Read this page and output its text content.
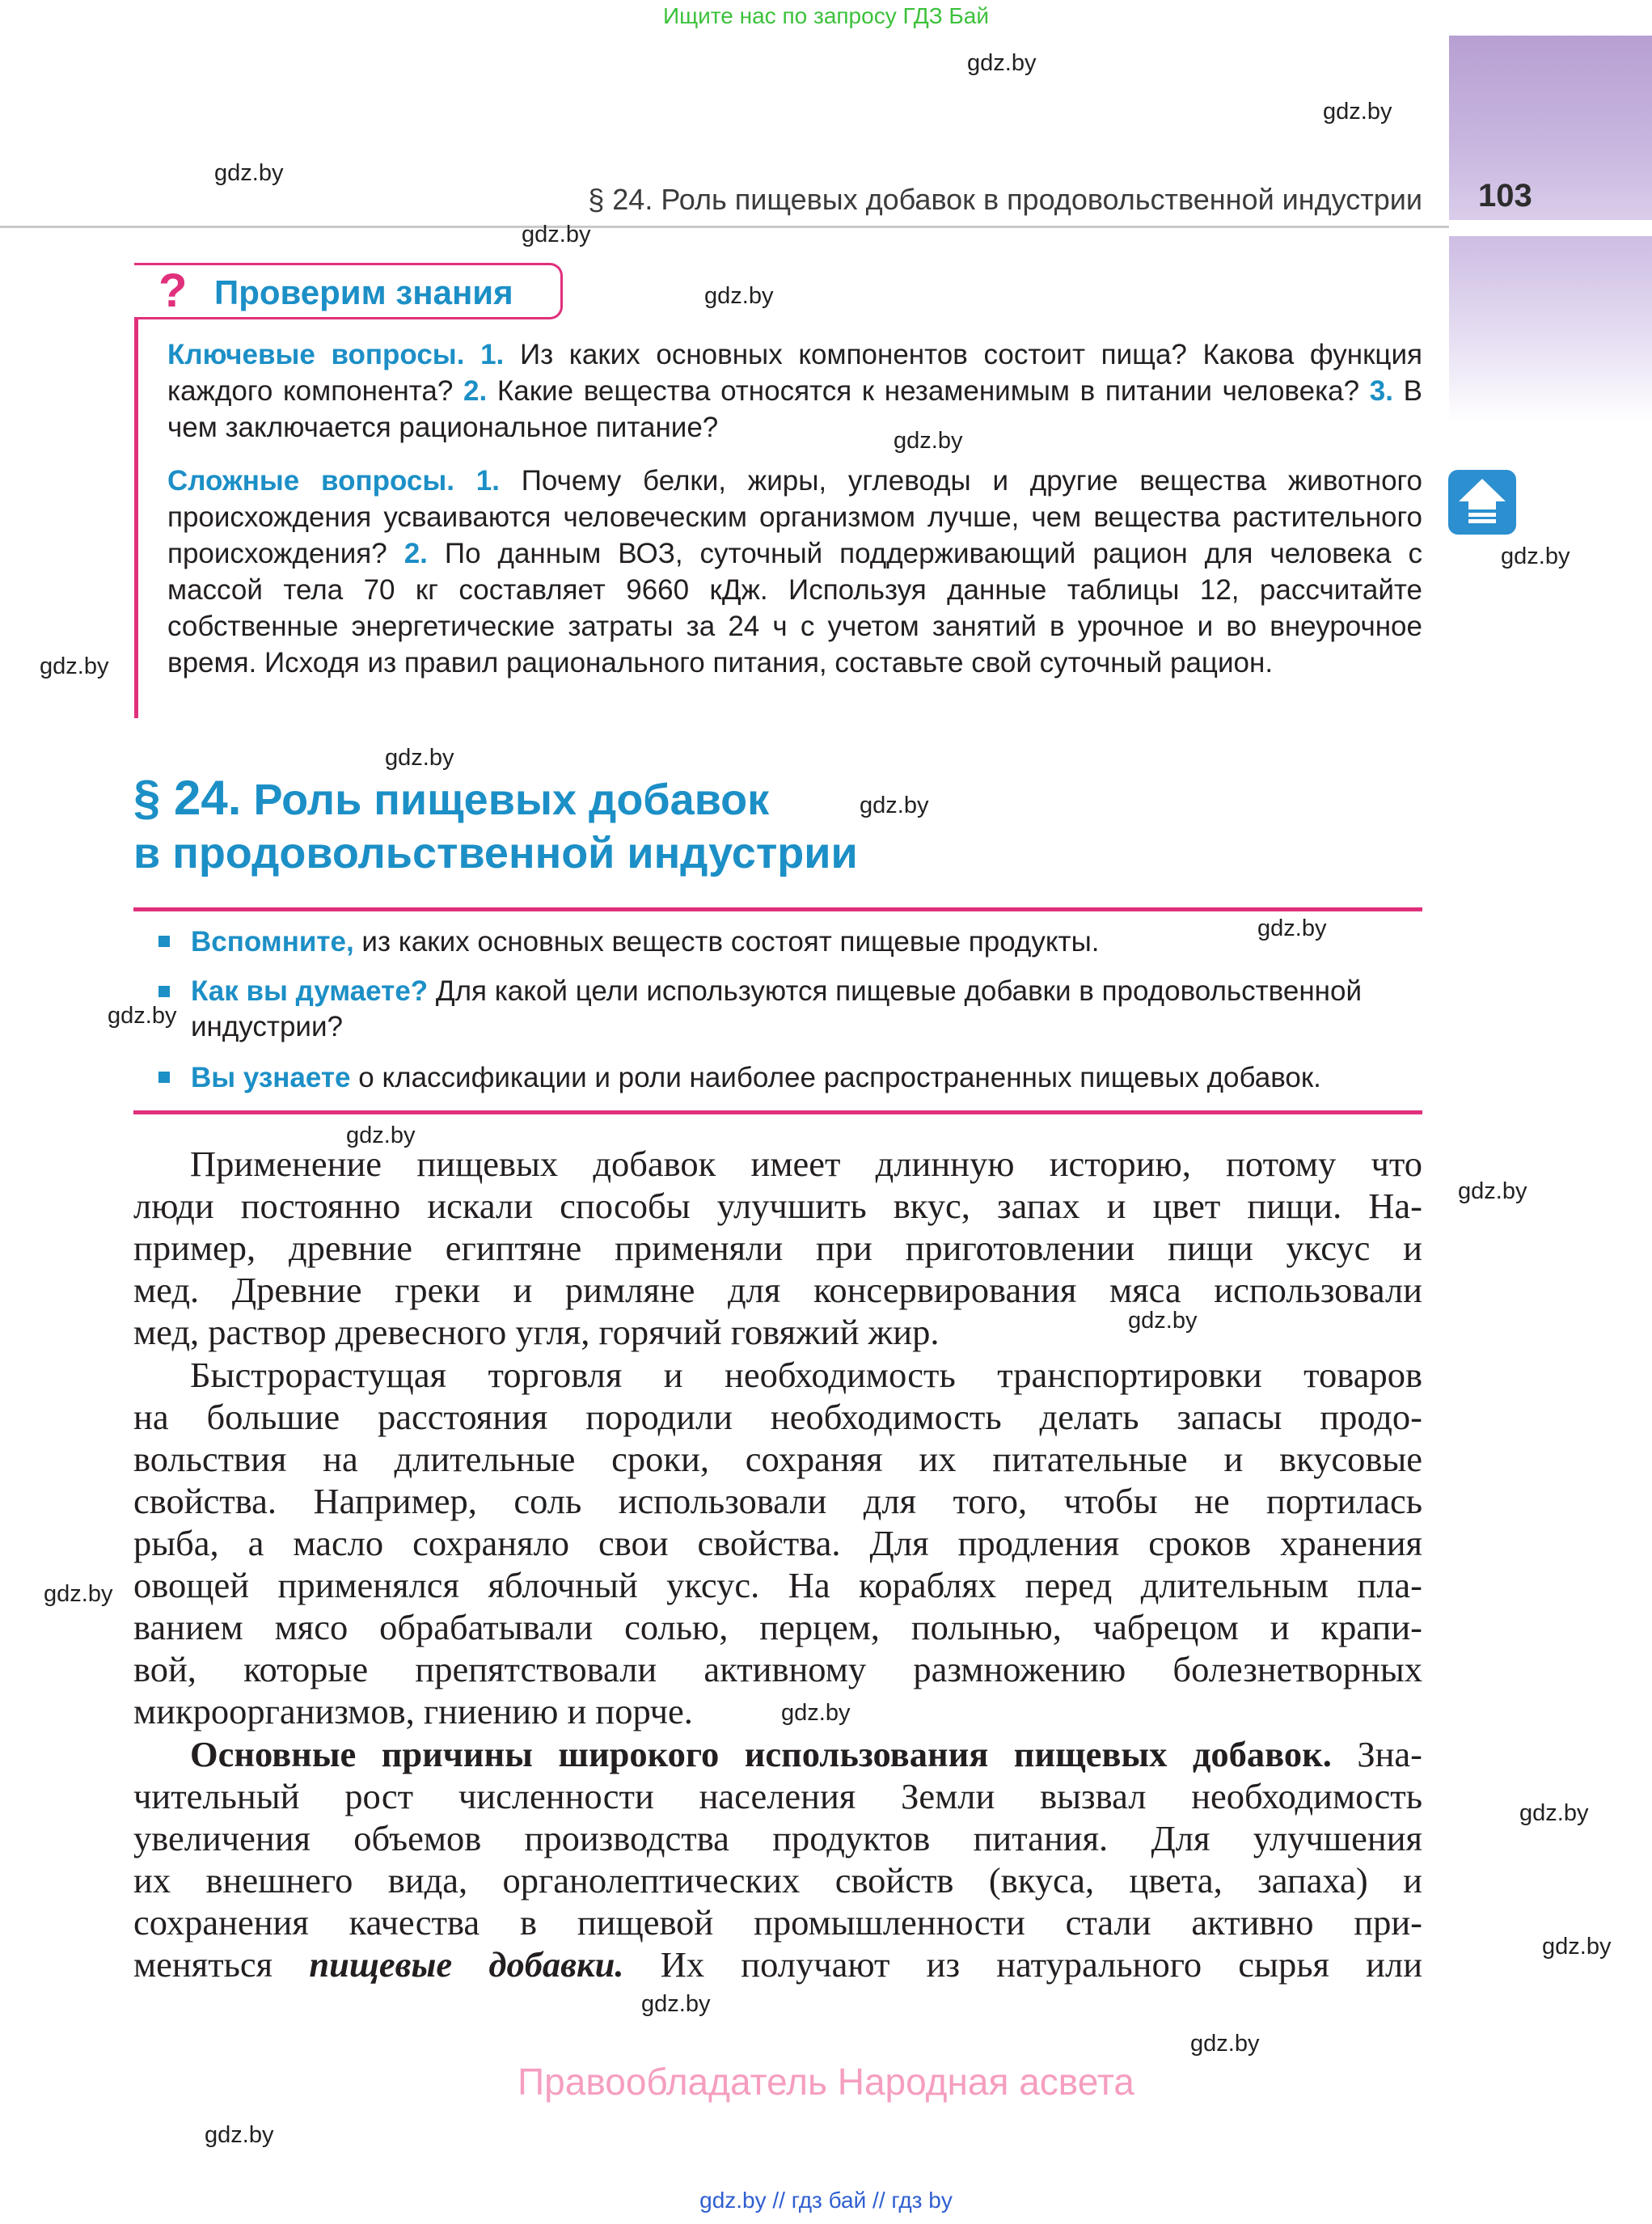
Ищите нас по запросу ГДЗ Бай
103
§ 24. Роль пищевых добавок в продовольственной индустрии
? Проверим знания
Ключевые вопросы. 1. Из каких основных компонентов состоит пища? Какова функция каждого компонента? 2. Какие вещества относятся к незаменимым в питании человека? 3. В чем заключается рациональное питание?
Сложные вопросы. 1. Почему белки, жиры, углеводы и другие вещества животного происхождения усваиваются человеческим организмом лучше, чем вещества растительного происхождения? 2. По данным ВОЗ, суточный поддерживающий рацион для человека с массой тела 70 кг составляет 9660 кДж. Используя данные таблицы 12, рассчитайте собственные энергетические затраты за 24 ч с учетом занятий в урочное и во внеурочное время. Исходя из правил рационального питания, составьте свой суточный рацион.
§ 24. Роль пищевых добавок
в продовольственной индустрии
Вспомните, из каких основных веществ состоят пищевые продукты.
Как вы думаете? Для какой цели используются пищевые добавки в продовольственной индустрии?
Вы узнаете о классификации и роли наиболее распространенных пищевых добавок.
Применение пищевых добавок имеет длинную историю, потому что
люди постоянно искали способы улучшить вкус, запах и цвет пищи. На-
пример, древние египтяне применяли при приготовлении пищи уксус и
мед. Древние греки и римляне для консервирования мяса использовали
мед, раствор древесного угля, горячий говяжий жир.
Быстрорастущая торговля и необходимость транспортировки товаров
на большие расстояния породили необходимость делать запасы продо-
вольствия на длительные сроки, сохраняя их питательные и вкусовые
свойства. Например, соль использовали для того, чтобы не портилась
рыба, а масло сохраняло свои свойства. Для продления сроков хранения
овощей применялся яблочный уксус. На кораблях перед длительным пла-
ванием мясо обрабатывали солью, перцем, полынью, чабрецом и крапи-
вой, которые препятствовали активному размножению болезнетворных
микроорганизмов, гниению и порче.
Основные причины широкого использования пищевых добавок. Зна-
чительный рост численности населения Земли вызвал необходимость
увеличения объемов производства продуктов питания. Для улучшения
их внешнего вида, органолептических свойств (вкуса, цвета, запаха) и
сохранения качества в пищевой промышленности стали активно при-
меняться пищевые добавки. Их получают из натурального сырья или
Правообладатель Народная асвета
gdz.by // гдз бай // гдз by
gdz.by
gdz.by
gdz.by
gdz.by
gdz.by
gdz.by
gdz.by
gdz.by
gdz.by
gdz.by
gdz.by
gdz.by
gdz.by
gdz.by
gdz.by
gdz.by
gdz.by
gdz.by
gdz.by
gdz.by
gdz.by
gdz.by
